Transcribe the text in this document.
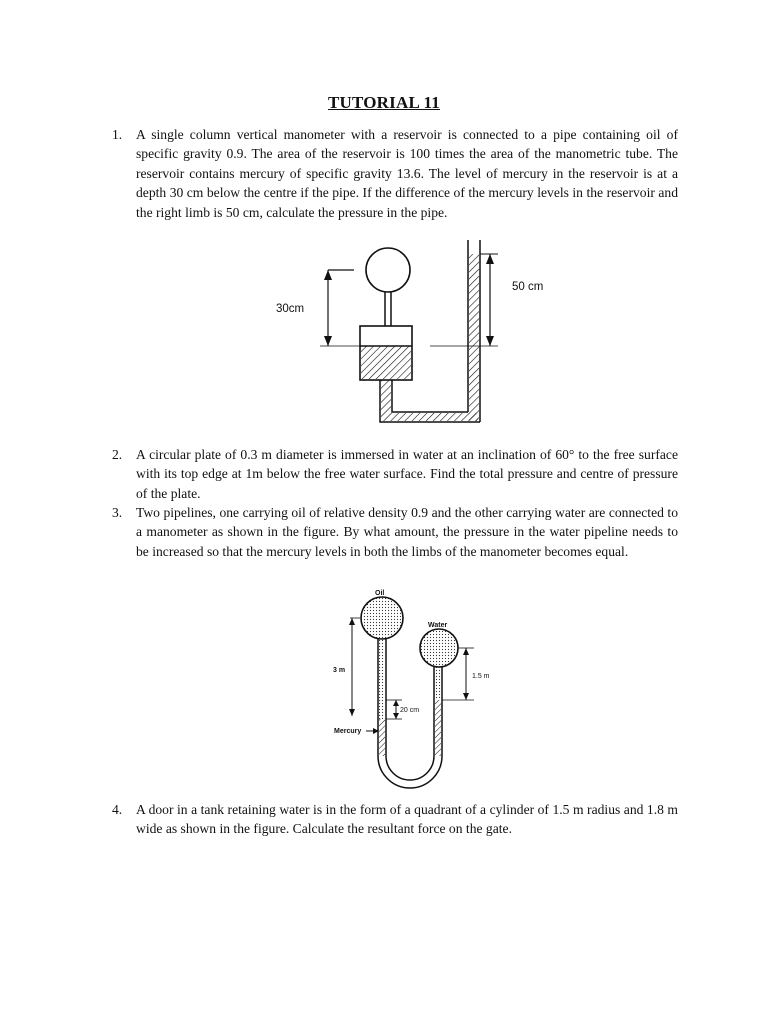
TUTORIAL 11
1. A single column vertical manometer with a reservoir is connected to a pipe containing oil of specific gravity 0.9. The area of the reservoir is 100 times the area of the manometric tube. The reservoir contains mercury of specific gravity 13.6. The level of mercury in the reservoir is at a depth 30 cm below the centre if the pipe. If the difference of the mercury levels in the reservoir and the right limb is 50 cm, calculate the pressure in the pipe.
30cm
50 cm
2. A circular plate of 0.3 m diameter is immersed in water at an inclination of 60° to the free surface with its top edge at 1m below the free water surface. Find the total pressure and centre of pressure of the plate.
3. Two pipelines, one carrying oil of relative density 0.9 and the other carrying water are connected to a manometer as shown in the figure. By what amount, the pressure in the water pipeline needs to be increased so that the mercury levels in both the limbs of the manometer becomes equal.
Oil
Water
3 m
1.5 m
20 cm
Mercury
4. A door in a tank retaining water is in the form of a quadrant of a cylinder of 1.5 m radius and 1.8 m wide as shown in the figure. Calculate the resultant force on the gate.
